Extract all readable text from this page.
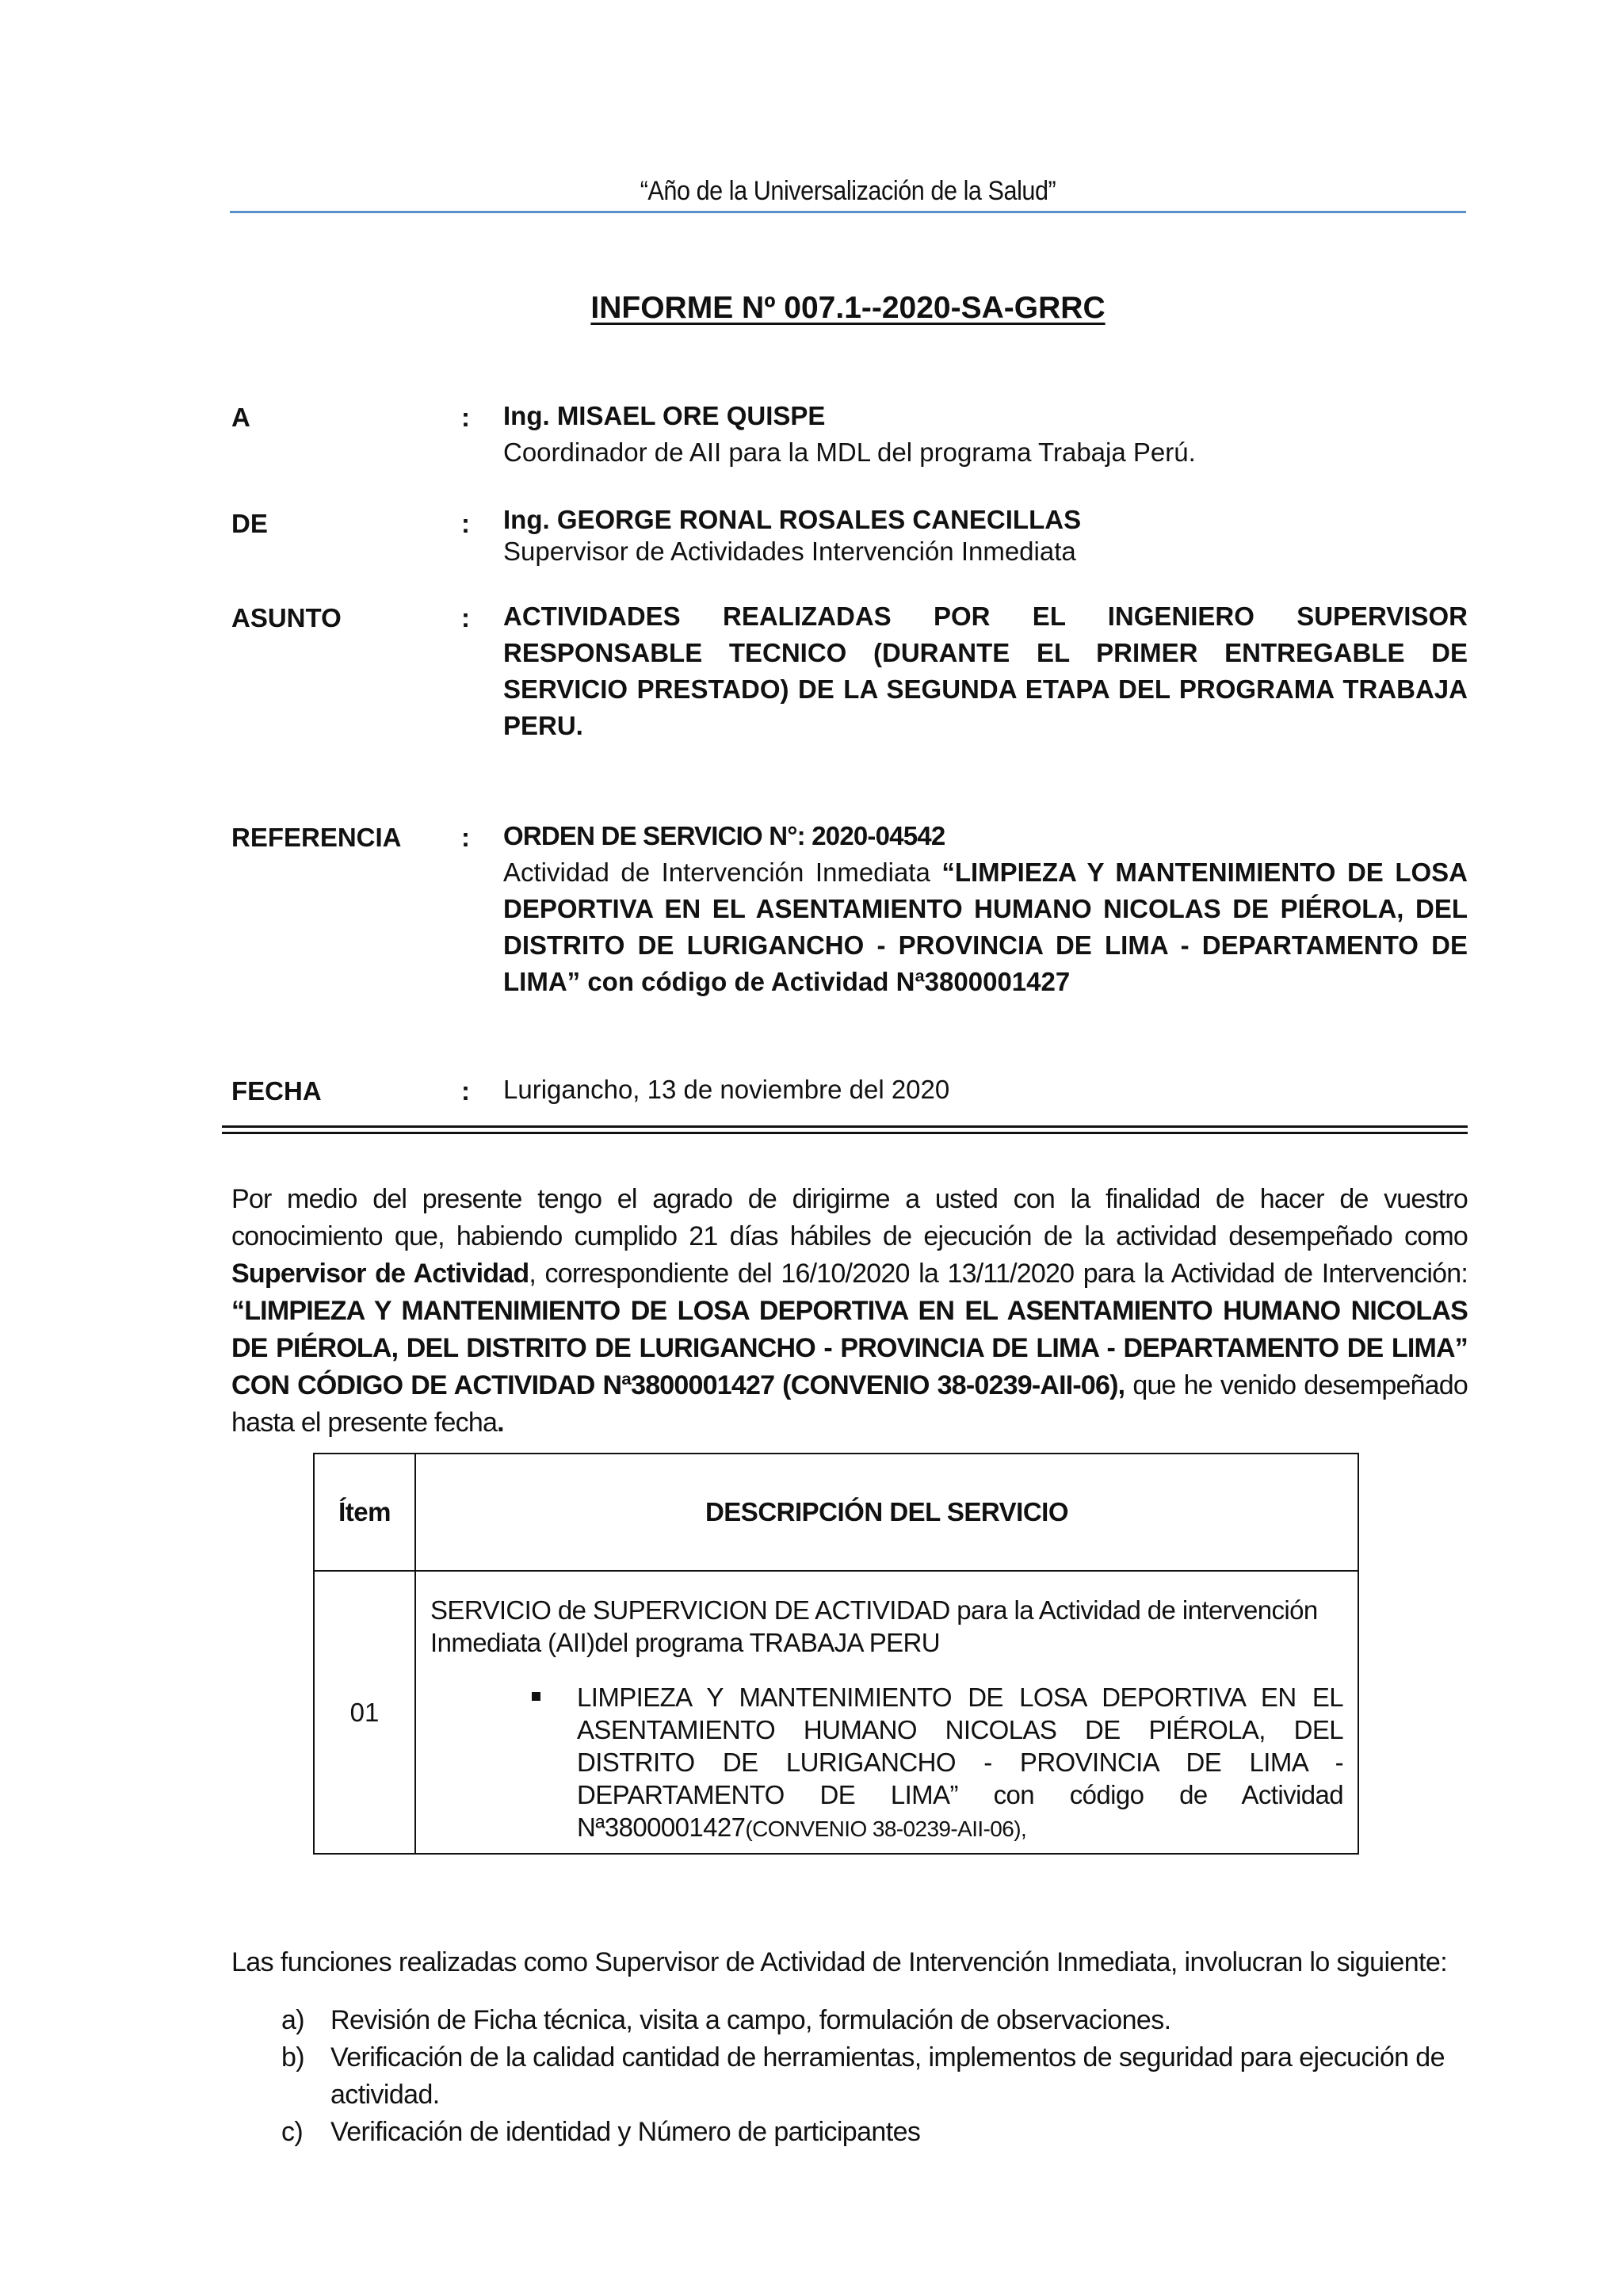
“Año de la Universalización de la Salud”
INFORME Nº 007.1--2020-SA-GRRC
A	: Ing. MISAEL ORE QUISPE
Coordinador de AII para la MDL del programa Trabaja Perú.
DE	: Ing. GEORGE RONAL ROSALES CANECILLAS
Supervisor de Actividades Intervención Inmediata
ASUNTO	: ACTIVIDADES REALIZADAS POR EL INGENIERO SUPERVISOR RESPONSABLE TECNICO (DURANTE EL PRIMER ENTREGABLE DE SERVICIO PRESTADO) DE LA SEGUNDA ETAPA DEL PROGRAMA TRABAJA PERU.
REFERENCIA : ORDEN DE SERVICIO N°: 2020-04542
Actividad de Intervención Inmediata “LIMPIEZA Y MANTENIMIENTO DE LOSA DEPORTIVA EN EL ASENTAMIENTO HUMANO NICOLAS DE PIÉROLA, DEL DISTRITO DE LURIGANCHO - PROVINCIA DE LIMA - DEPARTAMENTO DE LIMA” con código de Actividad Nª3800001427
FECHA	: Lurigancho, 13 de noviembre del 2020
Por medio del presente tengo el agrado de dirigirme a usted con la finalidad de hacer de vuestro conocimiento que, habiendo cumplido 21 días hábiles de ejecución de la actividad desempeñado como Supervisor de Actividad, correspondiente del 16/10/2020 la 13/11/2020 para la Actividad de Intervención: “LIMPIEZA Y MANTENIMIENTO DE LOSA DEPORTIVA EN EL ASENTAMIENTO HUMANO NICOLAS DE PIÉROLA, DEL DISTRITO DE LURIGANCHO - PROVINCIA DE LIMA - DEPARTAMENTO DE LIMA” CON CÓDIGO DE ACTIVIDAD Nª3800001427 (CONVENIO 38-0239-AII-06), que he venido desempeñado hasta el presente fecha.
Ítem	DESCRIPCIÓN DEL SERVICIO
01	SERVICIO de SUPERVICION DE ACTIVIDAD para la Actividad de intervención Inmediata (AII)del programa TRABAJA PERU
LIMPIEZA Y MANTENIMIENTO DE LOSA DEPORTIVA EN EL ASENTAMIENTO HUMANO NICOLAS DE PIÉROLA, DEL DISTRITO DE LURIGANCHO - PROVINCIA DE LIMA - DEPARTAMENTO DE LIMA” con código de Actividad Nª3800001427(CONVENIO 38-0239-AII-06),
Las funciones realizadas como Supervisor de Actividad de Intervención Inmediata, involucran lo siguiente:
a) Revisión de Ficha técnica, visita a campo, formulación de observaciones.
b) Verificación de la calidad cantidad de herramientas, implementos de seguridad para ejecución de actividad.
c) Verificación de identidad y Número de participantes
